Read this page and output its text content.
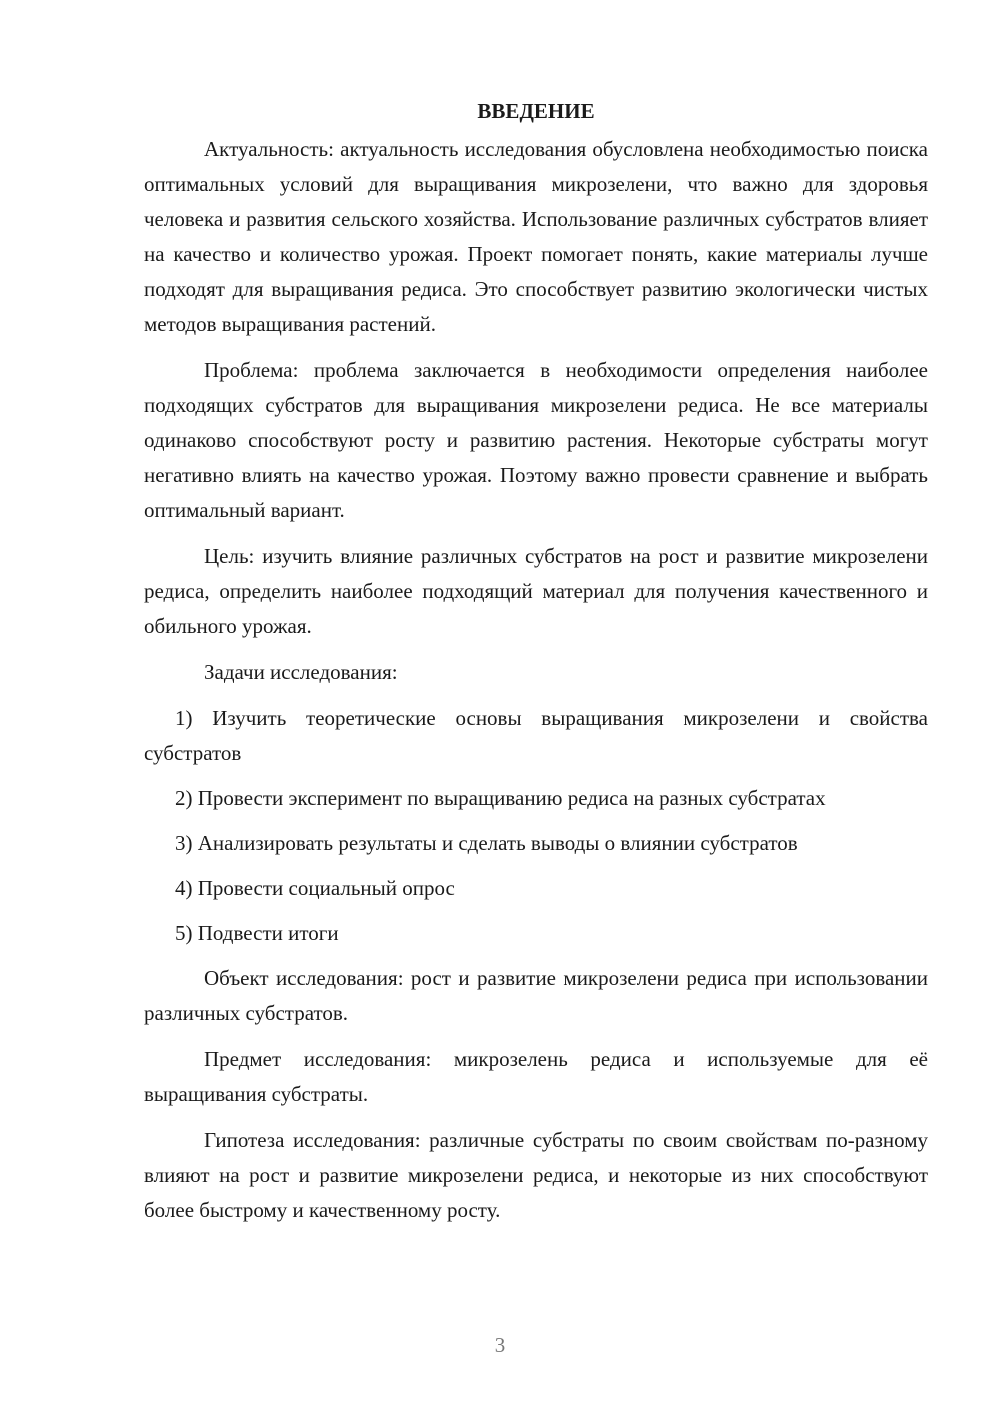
ВВЕДЕНИЕ

Актуальность: актуальность исследования обусловлена необходимостью поиска оптимальных условий для выращивания микрозелени, что важно для здоровья человека и развития сельского хозяйства. Использование различных субстратов влияет на качество и количество урожая. Проект помогает понять, какие материалы лучше подходят для выращивания редиса. Это способствует развитию экологически чистых методов выращивания растений.

Проблема: проблема заключается в необходимости определения наиболее подходящих субстратов для выращивания микрозелени редиса. Не все материалы одинаково способствуют росту и развитию растения. Некоторые субстраты могут негативно влиять на качество урожая. Поэтому важно провести сравнение и выбрать оптимальный вариант.

Цель: изучить влияние различных субстратов на рост и развитие микрозелени редиса, определить наиболее подходящий материал для получения качественного и обильного урожая.

Задачи исследования:

1) Изучить теоретические основы выращивания микрозелени и свойства субстратов

2) Провести эксперимент по выращиванию редиса на разных субстратах

3) Анализировать результаты и сделать выводы о влиянии субстратов

4) Провести социальный опрос

5) Подвести итоги

Объект исследования: рост и развитие микрозелени редиса при использовании различных субстратов.

Предмет исследования: микрозелень редиса и используемые для её выращивания субстраты.

Гипотеза исследования: различные субстраты по своим свойствам по-разному влияют на рост и развитие микрозелени редиса, и некоторые из них способствуют более быстрому и качественному росту.

3
